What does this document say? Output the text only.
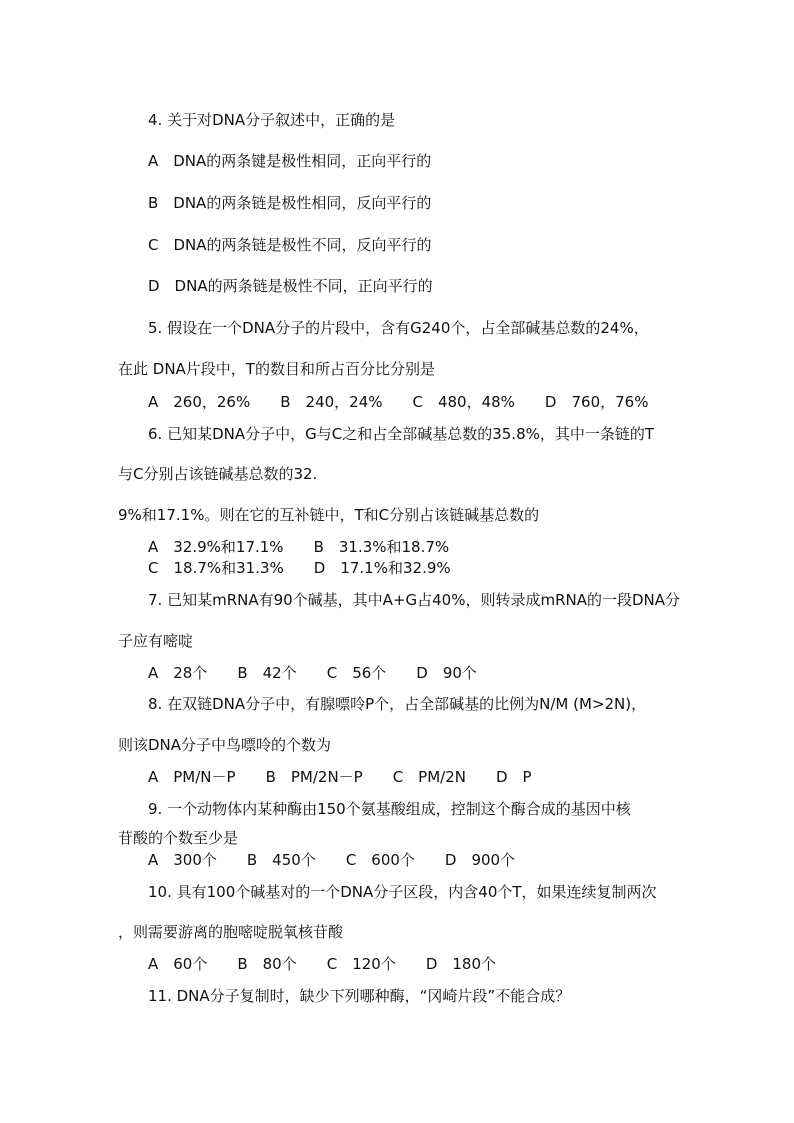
4. 关于对DNA分子叙述中，正确的是
A　DNA的两条键是极性相同，正向平行的
B　DNA的两条链是极性相同，反向平行的
C　DNA的两条链是极性不同，反向平行的
D　DNA的两条链是极性不同，正向平行的
5. 假设在一个DNA分子的片段中，含有G240个，占全部碱基总数的24%，
在此 DNA片段中，T的数目和所占百分比分别是
A　260，26%　　B　240，24%　　C　480，48%　　D　760，76%
6. 已知某DNA分子中，G与C之和占全部碱基总数的35.8%，其中一条链的T
与C分别占该链碱基总数的32.
9%和17.1%。则在它的互补链中，T和C分别占该链碱基总数的
A　32.9%和17.1%　　B　31.3%和18.7%
C　18.7%和31.3%　　D　17.1%和32.9%
7. 已知某mRNA有90个碱基，其中A+G占40%，则转录成mRNA的一段DNA分
子应有嘧啶
A　28个　　B　42个　　C　56个　　D　90个
8. 在双链DNA分子中，有腺嘌呤P个，占全部碱基的比例为N/M (M>2N)，
则该DNA分子中鸟嘌呤的个数为
A　PM/N－P　　B　PM/2N－P　　C　PM/2N　　D　P
9. 一个动物体内某种酶由150个氨基酸组成，控制这个酶合成的基因中核
苷酸的个数至少是
A　300个　　B　450个　　C　600个　　D　900个
10. 具有100个碱基对的一个DNA分子区段，内含40个T，如果连续复制两次
，则需要游离的胞嘧啶脱氧核苷酸
A　60个　　B　80个　　C　120个　　D　180个
11. DNA分子复制时，缺少下列哪种酶，“冈崎片段”不能合成？
